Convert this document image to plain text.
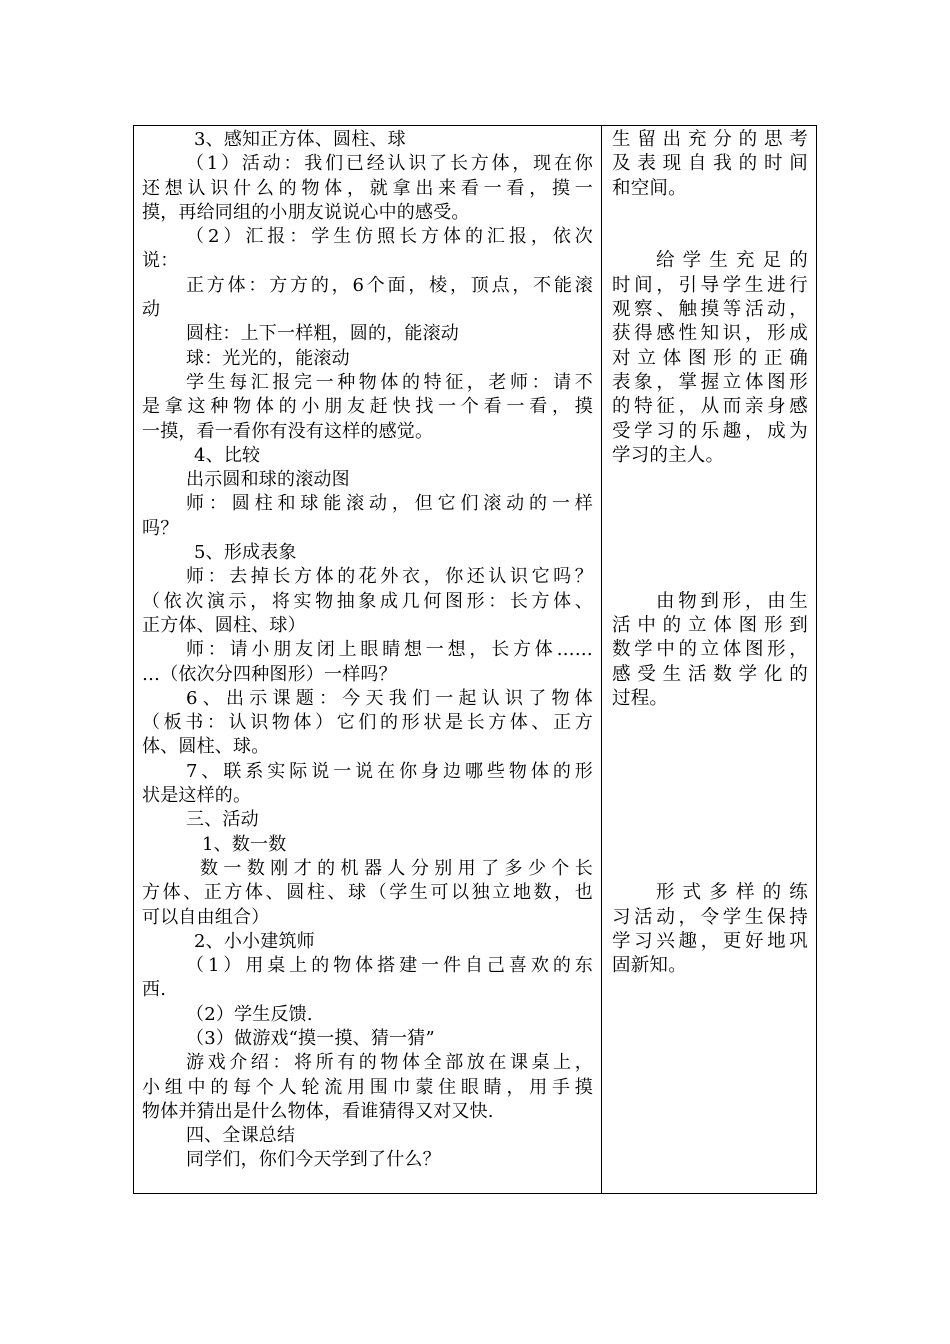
3、感知正方体、圆柱、球
（1）活动：我们已经认识了长方体，现在你
还想认识什么的物体，就拿出来看一看，摸一
摸，再给同组的小朋友说说心中的感受。
（2）汇报：学生仿照长方体的汇报，依次
说：
正方体：方方的，6个面，棱，顶点，不能滚
动
圆柱：上下一样粗，圆的，能滚动
球：光光的，能滚动
学生每汇报完一种物体的特征，老师：请不
是拿这种物体的小朋友赶快找一个看一看，摸
一摸，看一看你有没有这样的感觉。
4、比较
出示圆和球的滚动图
师：圆柱和球能滚动，但它们滚动的一样
吗？
5、形成表象
师：去掉长方体的花外衣，你还认识它吗？
（依次演示，将实物抽象成几何图形：长方体、
正方体、圆柱、球）
师：请小朋友闭上眼睛想一想，长方体……
…（依次分四种图形）一样吗？
6、出示课题：今天我们一起认识了物体
（板书：认识物体）它们的形状是长方体、正方
体、圆柱、球。
7、联系实际说一说在你身边哪些物体的形
状是这样的。
三、活动
1、数一数
数一数刚才的机器人分别用了多少个长
方体、正方体、圆柱、球（学生可以独立地数，也
可以自由组合）
2、小小建筑师
（1）用桌上的物体搭建一件自己喜欢的东
西.
（2）学生反馈.
（3）做游戏“摸一摸、猜一猜”
游戏介绍：将所有的物体全部放在课桌上，
小组中的每个人轮流用围巾蒙住眼睛，用手摸
物体并猜出是什么物体，看谁猜得又对又快.
四、全课总结
同学们，你们今天学到了什么？
生留出充分的思考
及表现自我的时间
和空间。
给学生充足的
时间，引导学生进行
观察、触摸等活动，
获得感性知识，形成
对立体图形的正确
表象，掌握立体图形
的特征，从而亲身感
受学习的乐趣，成为
学习的主人。
由物到形，由生
活中的立体图形到
数学中的立体图形，
感受生活数学化的
过程。
形式多样的练
习活动，令学生保持
学习兴趣，更好地巩
固新知。
